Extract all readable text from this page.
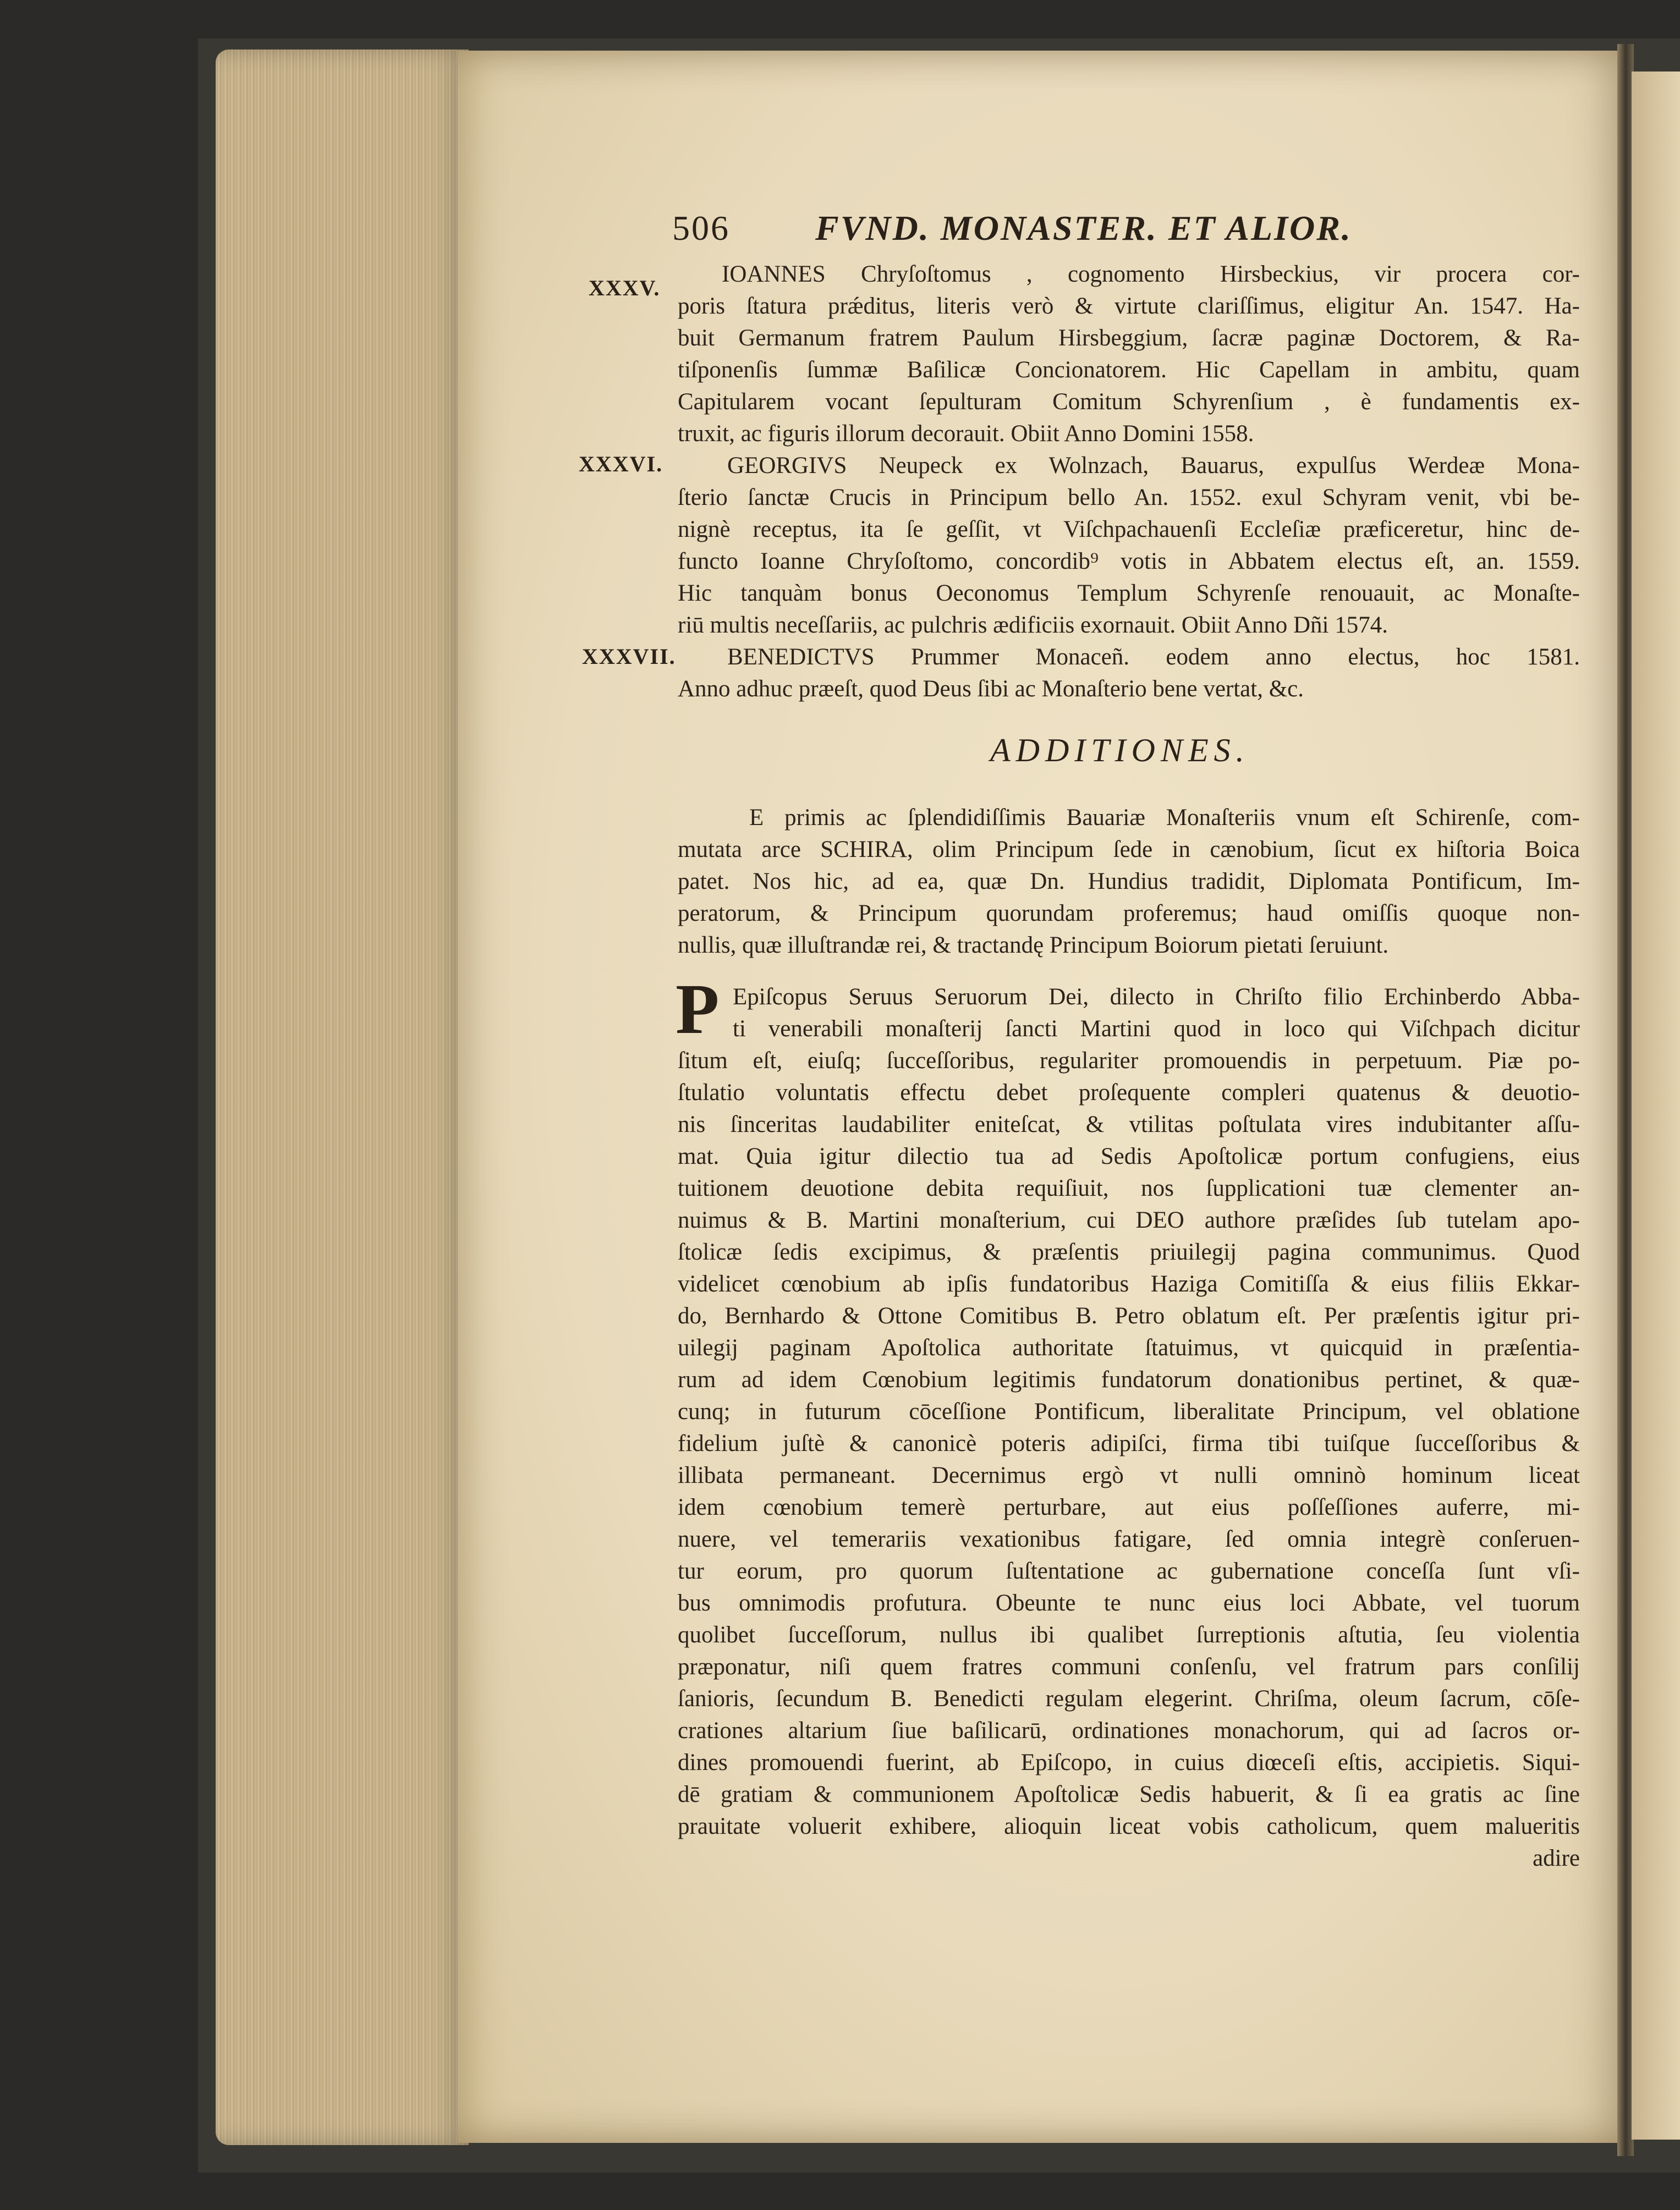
506 FVND. MONASTER. ET ALIOR.
XXXV.
IOANNES Chryſoſtomus , cognomento Hirsbeckius, vir procera cor-
poris ſtatura prǽditus, literis verò & virtute clariſſimus, eligitur An. 1547. Ha-
buit Germanum fratrem Paulum Hirsbeggium, ſacræ paginæ Doctorem, & Ra-
tiſponenſis ſummæ Baſilicæ Concionatorem. Hic Capellam in ambitu, quam
Capitularem vocant ſepulturam Comitum Schyrenſium , è fundamentis ex-
truxit, ac figuris illorum decorauit. Obiit Anno Domini 1558.
XXXVI.	GEORGIVS Neupeck ex Wolnzach, Bauarus, expulſus Werdeæ Mona-
ſterio ſanctæ Crucis in Principum bello An. 1552. exul Schyram venit, vbi be-
nignè receptus, ita ſe geſſit, vt Viſchpachauenſi Eccleſiæ præficeretur, hinc de-
functo Ioanne Chryſoſtomo, concordib⁹ votis in Abbatem electus eſt, an. 1559.
Hic tanquàm bonus Oeconomus Templum Schyrenſe renouauit, ac Monaſte-
riū multis neceſſariis, ac pulchris ædificiis exornauit. Obiit Anno Dñi 1574.
XXXVII.	BENEDICTVS Prummer Monaceñ. eodem anno electus, hoc 1581.
Anno adhuc præeſt, quod Deus ſibi ac Monaſterio bene vertat, &c.
ADDITIONES.
E primis ac ſplendidiſſimis Bauariæ Monaſteriis vnum eſt Schirenſe, com-
mutata arce SCHIRA, olim Principum ſede in cænobium, ſicut ex hiſtoria Boica
patet. Nos hic, ad ea, quæ Dn. Hundius tradidit, Diplomata Pontificum, Im-
peratorum, & Principum quorundam proferemus; haud omiſſis quoque non-
nullis, quæ illuſtrandæ rei, & tractandę Principum Boiorum pietati ſeruiunt.
P Epiſcopus Seruus Seruorum Dei, dilecto in Chriſto filio Erchinberdo Abba-
ti venerabili monaſterij ſancti Martini quod in loco qui Viſchpach dicitur
ſitum eſt, eiuſq; ſucceſſoribus, regulariter promouendis in perpetuum. Piæ po-
ſtulatio voluntatis effectu debet proſequente compleri quatenus & deuotio-
nis ſinceritas laudabiliter eniteſcat, & vtilitas poſtulata vires indubitanter aſſu-
mat. Quia igitur dilectio tua ad Sedis Apoſtolicæ portum confugiens, eius
tuitionem deuotione debita requiſiuit, nos ſupplicationi tuæ clementer an-
nuimus & B. Martini monaſterium, cui DEO authore præſides ſub tutelam apo-
ſtolicæ ſedis excipimus, & præſentis priuilegij pagina communimus. Quod
videlicet cœnobium ab ipſis fundatoribus Haziga Comitiſſa & eius filiis Ekkar-
do, Bernhardo & Ottone Comitibus B. Petro oblatum eſt. Per præſentis igitur pri-
uilegij paginam Apoſtolica authoritate ſtatuimus, vt quicquid in præſentia-
rum ad idem Cœnobium legitimis fundatorum donationibus pertinet, & quæ-
cunq; in futurum cōceſſione Pontificum, liberalitate Principum, vel oblatione
fidelium juſtè & canonicè poteris adipiſci, firma tibi tuiſque ſucceſſoribus &
illibata permaneant. Decernimus ergò vt nulli omninò hominum liceat
idem cœnobium temerè perturbare, aut eius poſſeſſiones auferre, mi-
nuere, vel temerariis vexationibus fatigare, ſed omnia integrè conſeruen-
tur eorum, pro quorum ſuſtentatione ac gubernatione conceſſa ſunt vſi-
bus omnimodis profutura. Obeunte te nunc eius loci Abbate, vel tuorum
quolibet ſucceſſorum, nullus ibi qualibet ſurreptionis aſtutia, ſeu violentia
præponatur, niſi quem fratres communi conſenſu, vel fratrum pars conſilij
ſanioris, ſecundum B. Benedicti regulam elegerint. Chriſma, oleum ſacrum, cōſe-
crationes altarium ſiue baſilicarū, ordinationes monachorum, qui ad ſacros or-
dines promouendi fuerint, ab Epiſcopo, in cuius diœceſi eſtis, accipietis. Siqui-
dē gratiam & communionem Apoſtolicæ Sedis habuerit, & ſi ea gratis ac ſine
prauitate voluerit exhibere, alioquin liceat vobis catholicum, quem malueritis
adire
